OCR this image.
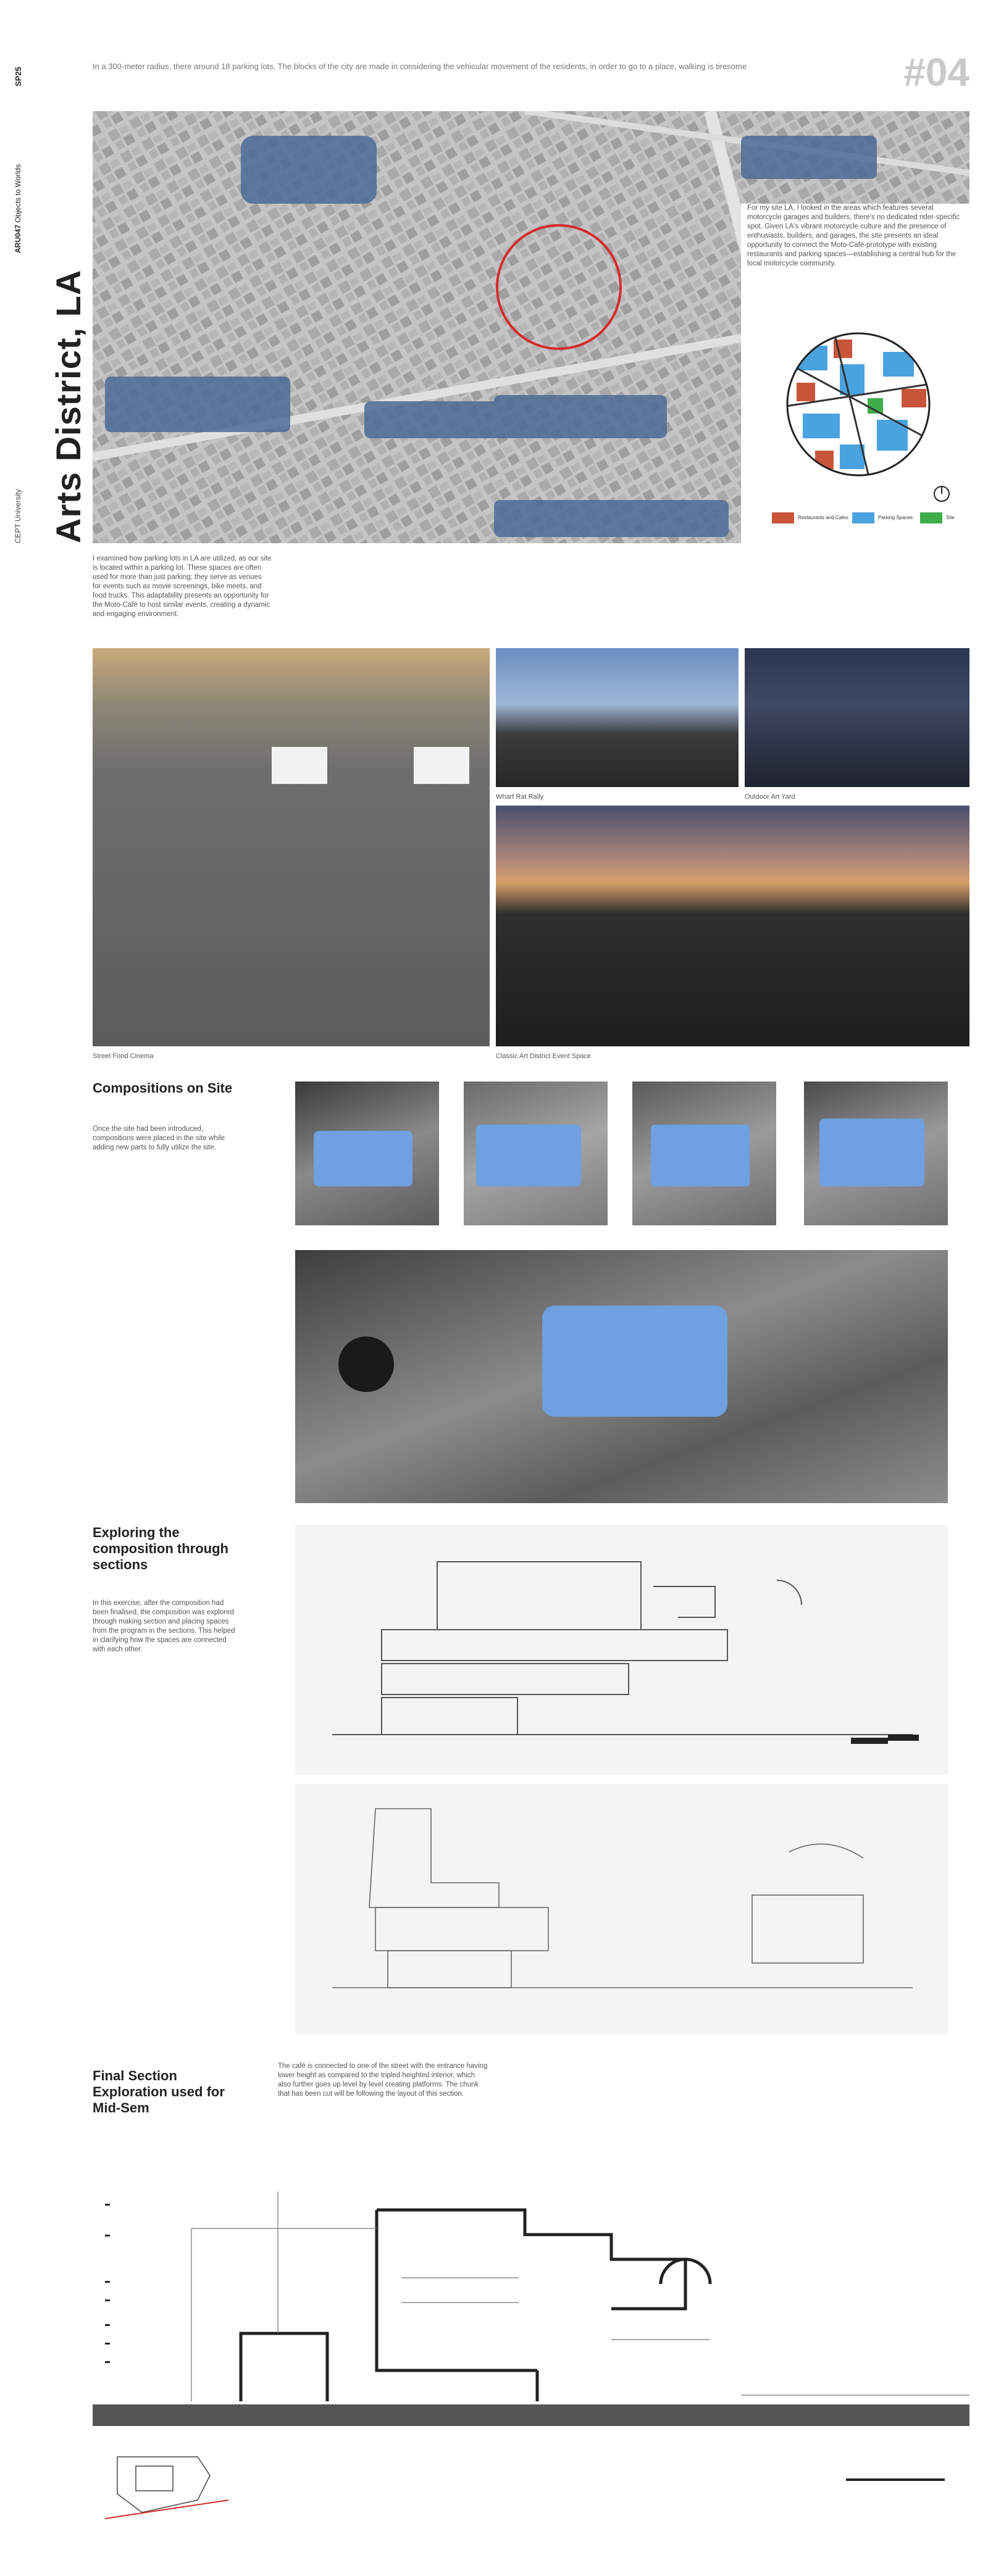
SP25
ARU047 Objects to Worlds
Arts District, LA
CEPT University
In a 300-meter radius, there around 18 parking lots. The blocks of the city are made in considering the vehicular movement of the residents, in order to go to a place, walking is tiresome	#04
For my site LA, I looked in the areas which features several motorcycle garages and builders, there's no dedicated rider-specific spot. Given LA's vibrant motorcycle culture and the presence of enthusiasts, builders, and garages, the site presents an ideal opportunity to connect the Moto-Café-prototype with existing restaurants and parking spaces—establishing a central hub for the local motorcycle community.
Restaurants and Cafes	Parking Spaces	Site
I examined how parking lots in LA are utilized, as our site is located within a parking lot. These spaces are often used for more than just parking; they serve as venues for events such as movie screenings, bike meets, and food trucks. This adaptability presents an opportunity for the Moto-Café to host similar events, creating a dynamic and engaging environment.
Street Food Cinema
Wharf Rat Rally	Outdoor Art Yard
Classic Art District Event Space
Compositions on Site
Once the site had been introduced, compositions were placed in the site while adding new parts to fully utilize the site.
Exploring the composition through sections
In this exercise, after the composition had been finalised, the composition was explored through making section and placing spaces from the program in the sections. This helped in clarifying how the spaces are connected with each other.
Final Section Exploration used for Mid-Sem
The café is connected to one of the street with the entrance having lower height as compared to the tripled heighted interior, which also further goes up level by level creating platforms. The chunk that has been cut will be following the layout of this section.
